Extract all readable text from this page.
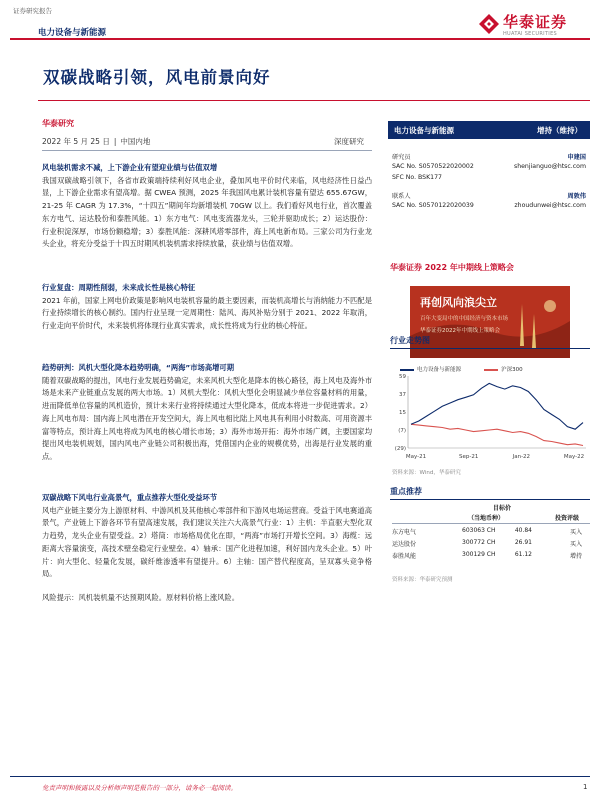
证券研究报告
电力设备与新能源
华泰证券
HUATAI SECURITIES
双碳战略引领，风电前景向好
华泰研究
2022 年 5 月 25 日 | 中国内地	深度研究
风电装机需求不减，上下游企业有望迎业绩与估值双增
我国双碳战略引领下，各省市政策端持续利好风电企业，叠加风电平价时代来临，风电经济性日益凸显，上下游企业需求有望高增。据 CWEA 预测，2025 年我国风电累计装机容量有望达 655.67GW，21-25 年 CAGR 为 17.3%，“十四五”期间年均新增装机 70GW 以上。我们看好风电行业，首次覆盖东方电气、运达股份和泰胜风能。1）东方电气：风电变流器龙头，三轮并驱助成长；2）运达股份：行业积淀深厚，市场份额稳增；3）泰胜风能：深耕风塔零部件，海上风电新布局。三家公司为行业龙头企业，将充分受益于十四五时期风机装机需求持续放量，获业绩与估值双增。
行业复盘：周期性削弱，未来成长性是核心特征
2021 年前，国家上网电价政策是影响风电装机容量的最主要因素，而装机高增长与消纳能力不匹配是行业持续增长的核心制约。国内行业呈现一定周期性：陆风、海风补贴分别于 2021、2022 年取消，行业走向平价时代，未来装机将体现行业真实需求，成长性将成为行业的核心特征。
趋势研判：风机大型化降本趋势明确，“两海”市场高增可期
随着双碳战略的提出，风电行业发展趋势确定，未来风机大型化是降本的核心路径，海上风电及海外市场是未来产业链重点发展的两大市场。1）风机大型化：风机大型化会明显减少单位容量材料的用量，进而降低单位容量的风机造价，预计未来行业将持续通过大型化降本，低成本将进一步促进需求。2）海上风电布局：国内海上风电潜在开发空间大，海上风电相比陆上风电具有利用小时数高、可用资源丰富等特点，预计海上风电将成为风电的核心增长市场；3）海外市场开拓：海外市场广阔，主要国家均提出风电装机规划，国内风电产业链公司积极出海，凭借国内企业的规模优势，出海是行业发展的重点。
双碳战略下风电行业高景气，重点推荐大型化受益环节
风电产业链主要分为上游原材料、中游风机及其他核心零部件和下游风电场运营商。受益于风电赛道高景气，产业链上下游各环节有望高速发展，我们建议关注六大高景气行业：1）主机：半直驱大型化双力趋势，龙头企业有望受益。2）塔筒：市场格局优化在即，“两海”市场打开增长空间。3）海缆：远距离大容量演变，高技术壁垒稳定行业壁垒。4）轴承：国产化进程加速，利好国内龙头企业。5）叶片：向大型化、轻量化发展，碳纤维渗透率有望提升。6）主轴：国产替代程度高，呈双寡头竞争格局。
风险提示：风机装机量不达预期风险。原材料价格上涨风险。
电力设备与新能源	增持（维持）
研究员	申建国
SAC No. S0570522020002	shenjianguo@htsc.com
SFC No. BSK177
联系人	周敦伟
SAC No. S0570122020039	zhoudunwei@htsc.com
华泰证券 2022 年中期线上策略会
再创风向浪尖立
百年大变局中的中国经济与资本市场
华泰证券2022年中期线上策略会
行业走势图
电力设备与新能源	沪深300
59
37
15
(7)
(29)
May-21	Sep-21	Jan-22	May-22
资料来源：Wind，华泰研究
重点推荐
目标价
（当地币种）	投资评级
东方电气	603063 CH	40.84	买入
运达股份	300772 CH	26.91	买入
泰胜风能	300129 CH	61.12	增持
资料来源：华泰研究预测
免责声明和披露以及分析师声明是报告的一部分，请务必一起阅读。	1
